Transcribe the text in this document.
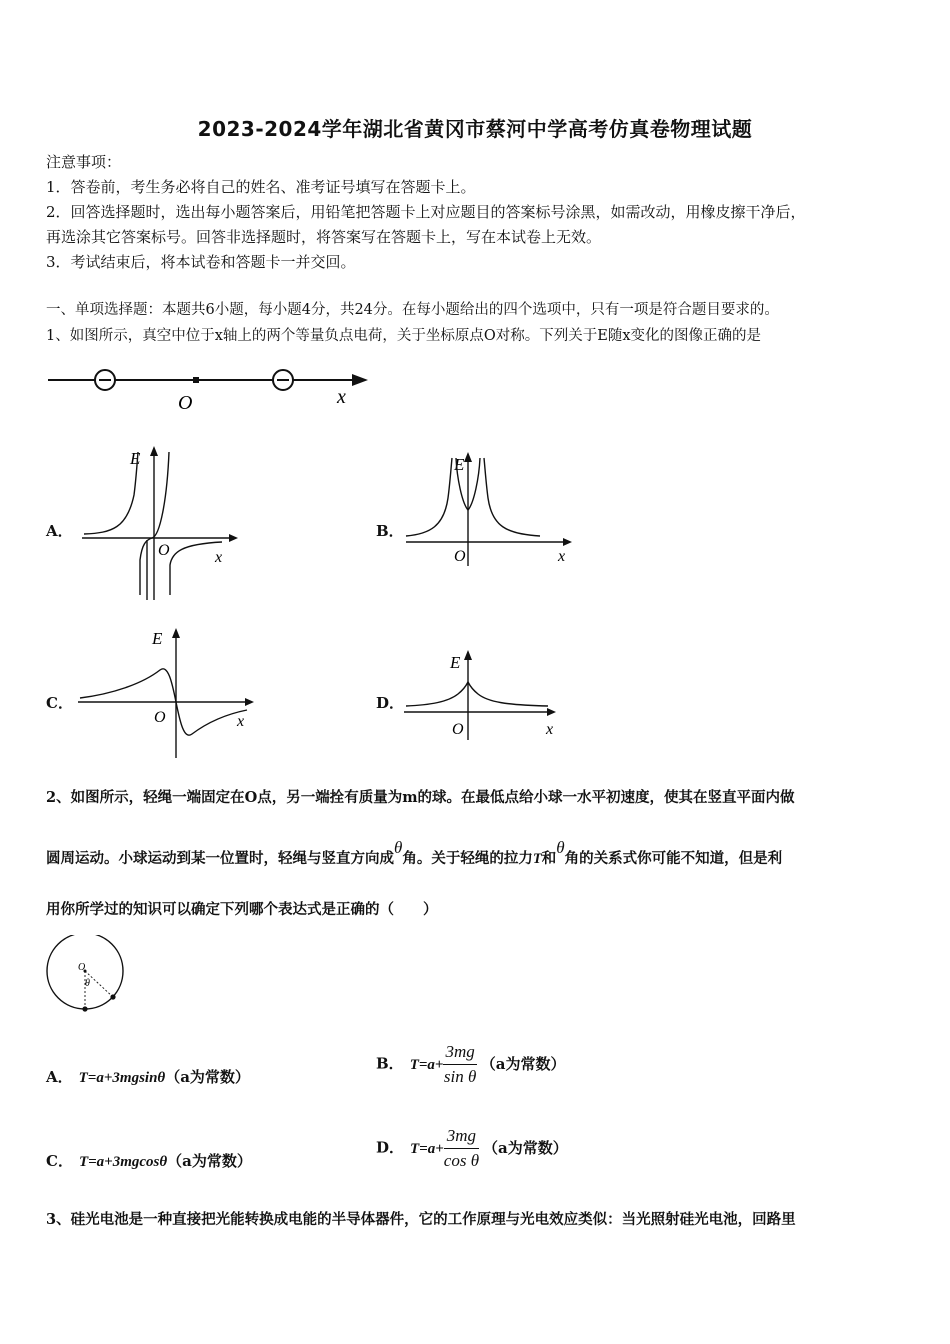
2023-2024学年湖北省黄冈市蔡河中学高考仿真卷物理试题
注意事项：
1．答卷前，考生务必将自己的姓名、准考证号填写在答题卡上。
2．回答选择题时，选出每小题答案后，用铅笔把答题卡上对应题目的答案标号涂黑，如需改动，用橡皮擦干净后，
再选涂其它答案标号。回答非选择题时，将答案写在答题卡上，写在本试卷上无效。
3．考试结束后，将本试卷和答题卡一并交回。
一、单项选择题：本题共6小题，每小题4分，共24分。在每小题给出的四个选项中，只有一项是符合题目要求的。
1、如图所示，真空中位于x轴上的两个等量负点电荷，关于坐标原点O对称。下列关于E随x变化的图像正确的是
O	x
A．
E
O	x
B．
E
O	x
C．
E
O	x
D．
E
O	x
2、如图所示，轻绳一端固定在O点，另一端拴有质量为m的球。在最低点给小球一水平初速度，使其在竖直平面内做
圆周运动。小球运动到某一位置时，轻绳与竖直方向成θ角。关于轻绳的拉力T和θ角的关系式你可能不知道，但是利
用你所学过的知识可以确定下列哪个表达式是正确的（　　）
O
θ
A． T=a+3mgsinθ（a为常数）
B． $T=a+ \frac{3mg}{\text{sin θ}} (a$为常数）
C． T=a+3mgcosθ（a为常数）
D． $T=a+ \frac{3mg}{\text{cos θ}} (a$为常数）
3、硅光电池是一种直接把光能转换成电能的半导体器件，它的工作原理与光电效应类似：当光照射硅光电池，回路里
